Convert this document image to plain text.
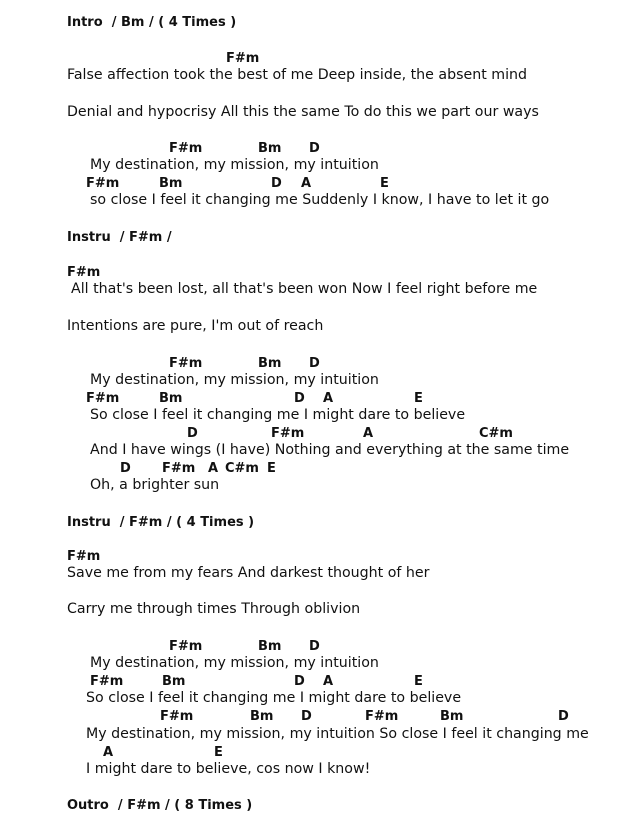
Intro  / Bm / ( 4 Times )
F#m
False affection took the best of me Deep inside, the absent mind
Denial and hypocrisy All this the same To do this we part our ways
F#m	Bm D
My destination, my mission, my intuition
F#m	Bm	D A	E
so close I feel it changing me Suddenly I know, I have to let it go
Instru  / F#m /
F#m
All that's been lost, all that's been won Now I feel right before me
Intentions are pure, I'm out of reach
F#m	Bm D
My destination, my mission, my intuition
F#m	Bm	D A	E
So close I feel it changing me I might dare to believe
D	F#m	A	C#m
And I have wings (I have) Nothing and everything at the same time
D F#m A C#m E
Oh, a brighter sun
Instru  / F#m / ( 4 Times )
F#m
Save me from my fears And darkest thought of her
Carry me through times Through oblivion
F#m	Bm D
My destination, my mission, my intuition
F#m	Bm	D A	E
So close I feel it changing me I might dare to believe
F#m	Bm D	F#m	Bm	D
My destination, my mission, my intuition So close I feel it changing me
A	E
I might dare to believe, cos now I know!
Outro  / F#m / ( 8 Times )
